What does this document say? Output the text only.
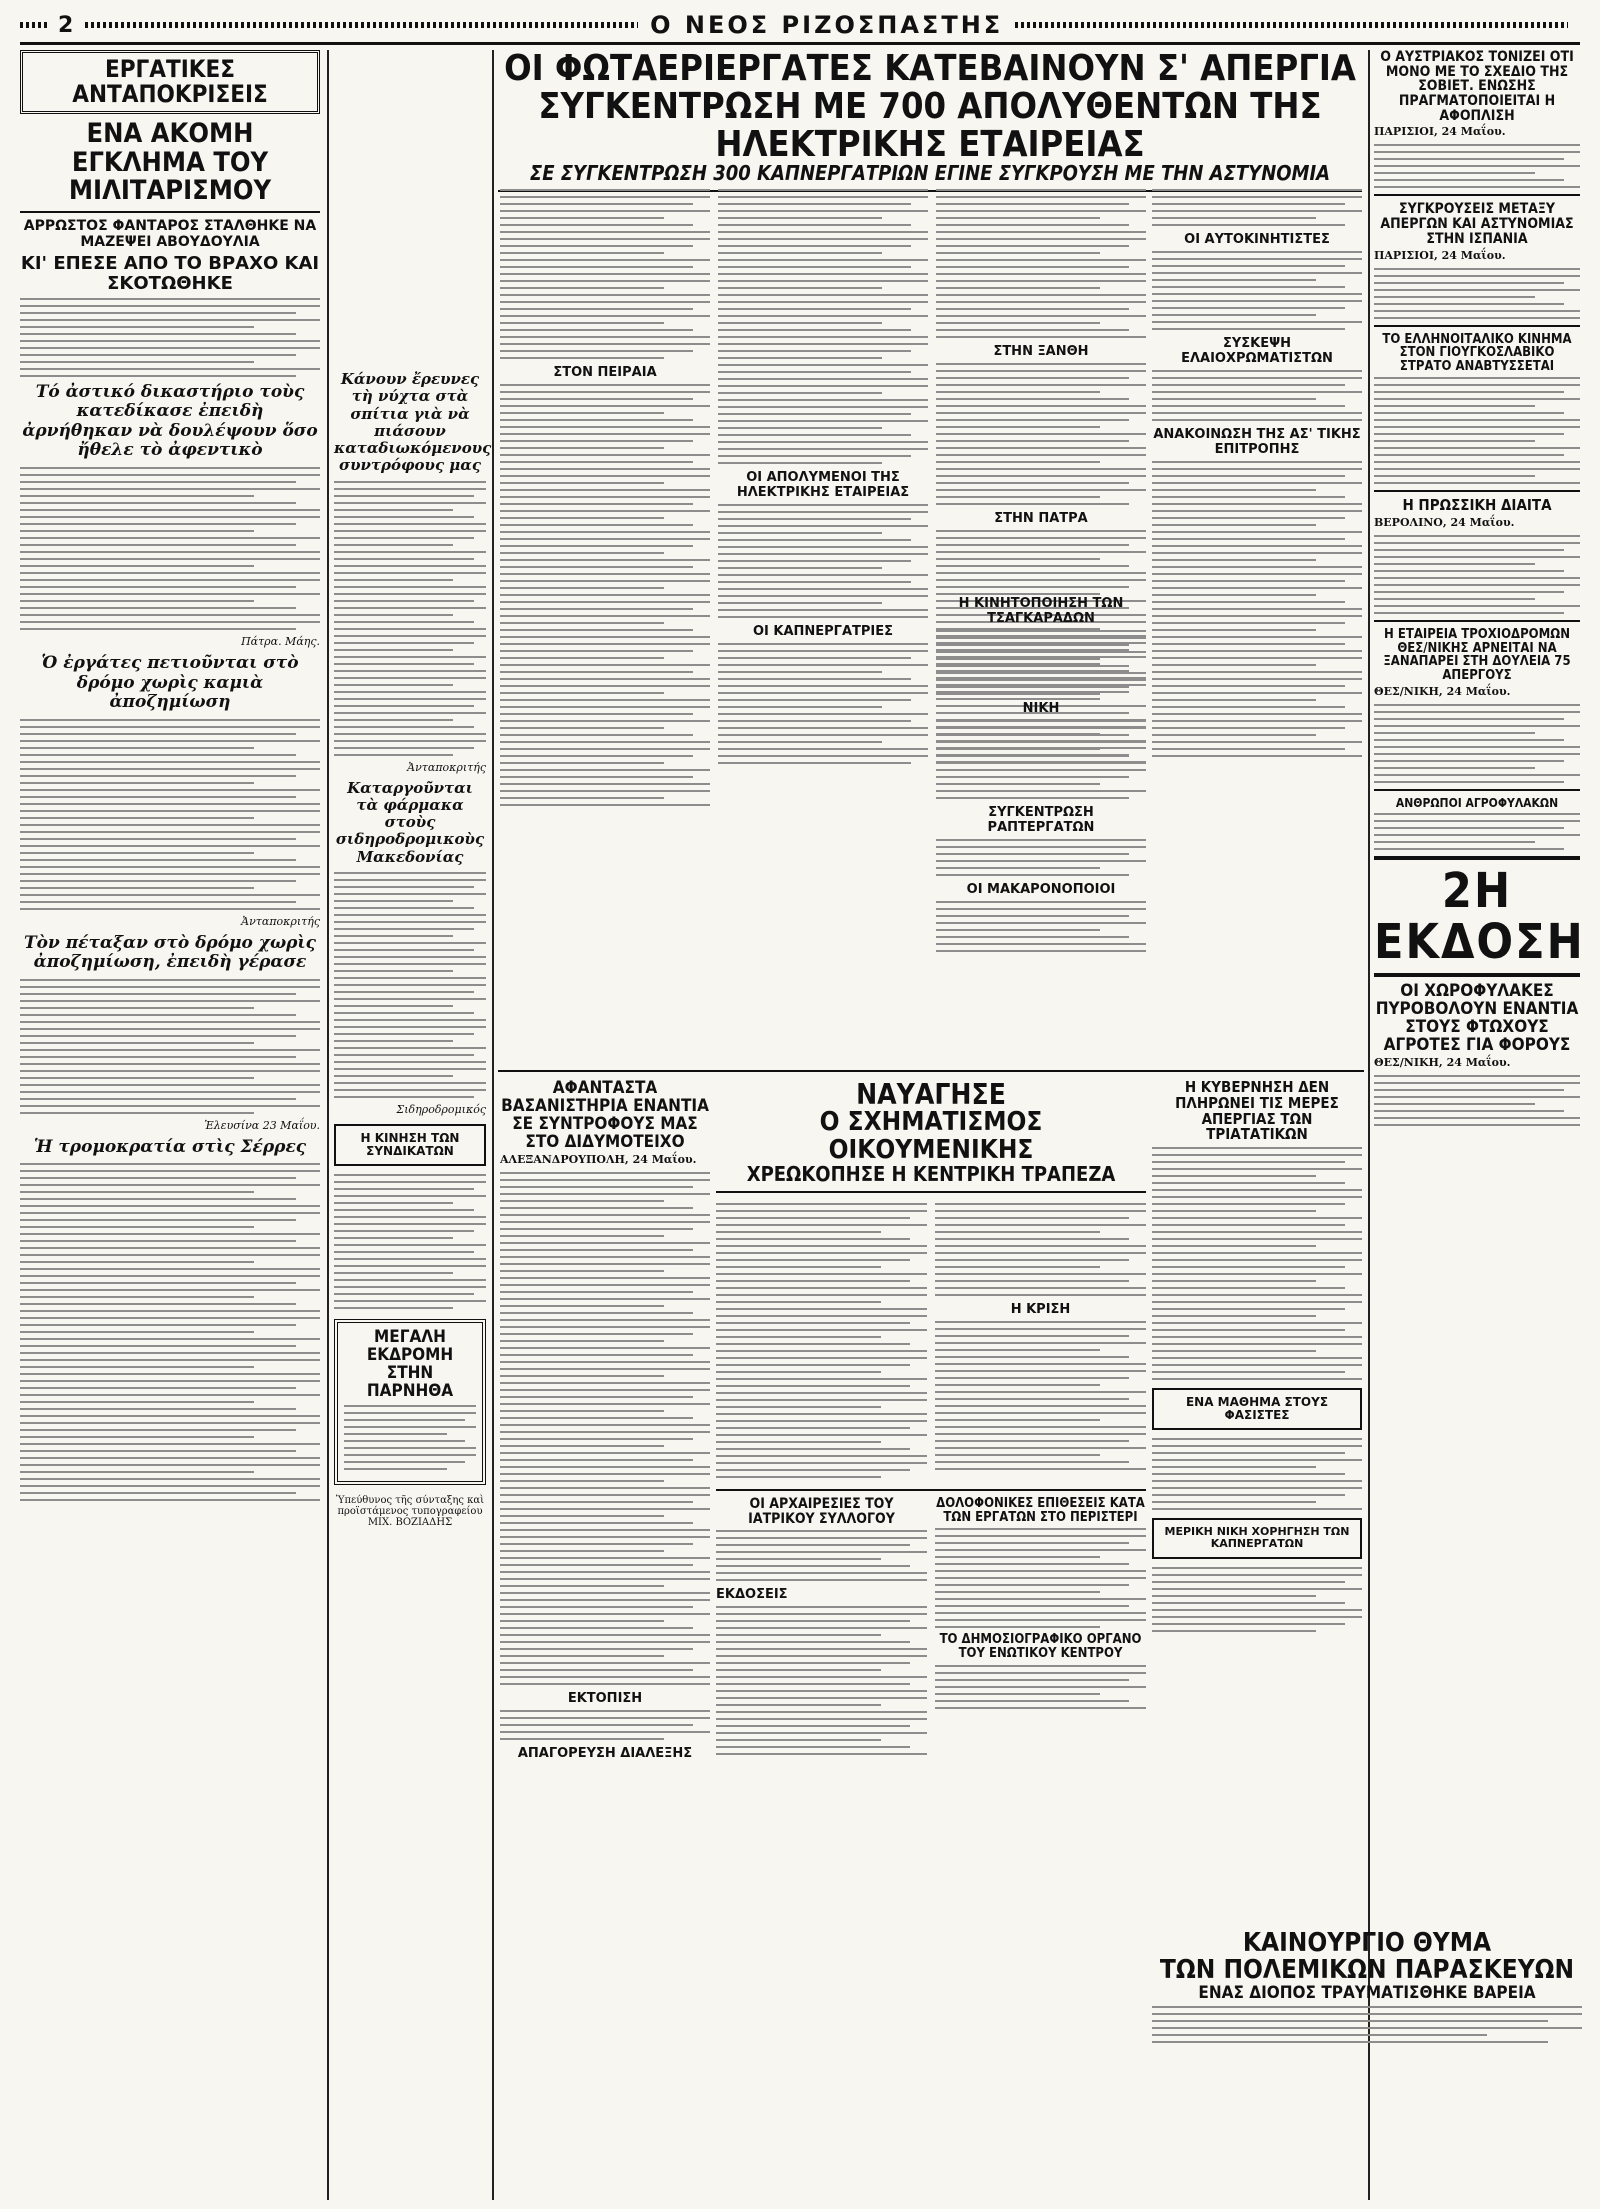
2	Ο ΝΕΟΣ ΡΙΖΟΣΠΑΣΤΗΣ
ΕΡΓΑΤΙΚΕΣ ΑΝΤΑΠΟΚΡΙΣΕΙΣ
ΕΝΑ ΑΚΟΜΗ ΕΓΚΛΗΜΑ ΤΟΥ ΜΙΛΙΤΑΡΙΣΜΟΥ
ΑΡΡΩΣΤΟΣ ΦΑΝΤΑΡΟΣ ΣΤΑΛΘΗΚΕ ΝΑ ΜΑΖΕΨΕΙ ΑΒΟΥΔΟΥΛΙΑ
ΚΙ' ΕΠΕΣΕ ΑΠΟ ΤΟ ΒΡΑΧΟ ΚΑΙ ΣΚΟΤΩΘΗΚΕ
Τό ἀστικό δικαστήριο τοὺς κατεδίκασε ἐπειδὴ ἀρνήθηκαν νὰ δουλέψουν ὅσο ἤθελε τὸ ἀφεντικὸ
Πάτρα. Μάης.
Ὁ ἐργάτες πετιοῦνται στὸ δρόμο χωρὶς καμιὰ ἀποζημίωση
Ἀνταποκριτής
Τὸν πέταξαν στὸ δρόμο χωρὶς ἀποζημίωση, ἐπειδὴ γέρασε
Ἐλευσίνα 23 Μαΐου.
Ἡ τρομοκρατία στὶς Σέρρες
Κάνουν ἔρευνες τὴ νύχτα στὰ σπίτια γιὰ νὰ πιάσουν καταδιωκόμενους συντρόφους μας
Ἀνταποκριτής
Καταργοῦνται τὰ φάρμακα στοὺς σιδηροδρομικοὺς Μακεδονίας
Σιδηροδρομικός
Η ΚΙΝΗΣΗ ΤΩΝ ΣΥΝΔΙΚΑΤΩΝ
ΜΕΓΑΛΗ ΕΚΔΡΟΜΗ ΣΤΗΝ ΠΑΡΝΗΘΑ
Ὑπεύθυνος τῆς σύνταξης καὶ προϊστάμενος τυπογραφείου ΜΙΧ. ΒΟΖΙΑΔΗΣ
ΟΙ ΦΩΤΑΕΡΙΕΡΓΑΤΕΣ ΚΑΤΕΒΑΙΝΟΥΝ Σ' ΑΠΕΡΓΙΑ
ΣΥΓΚΕΝΤΡΩΣΗ ΜΕ 700 ΑΠΟΛΥΘΕΝΤΩΝ ΤΗΣ ΗΛΕΚΤΡΙΚΗΣ ΕΤΑΙΡΕΙΑΣ
ΣΕ ΣΥΓΚΕΝΤΡΩΣΗ 300 ΚΑΠΝΕΡΓΑΤΡΙΩΝ ΕΓΙΝΕ ΣΥΓΚΡΟΥΣΗ ΜΕ ΤΗΝ ΑΣΤΥΝΟΜΙΑ
ΣΤΟΝ ΠΕΙΡΑΙΑ
ΟΙ ΑΠΟΛΥΜΕΝΟΙ ΤΗΣ ΗΛΕΚΤΡΙΚΗΣ ΕΤΑΙΡΕΙΑΣ
ΟΙ ΚΑΠΝΕΡΓΑΤΡΙΕΣ
ΣΤΗΝ ΞΑΝΘΗ
ΣΤΗΝ ΠΑΤΡΑ
ΟΙ ΑΥΤΟΚΙΝΗΤΙΣΤΕΣ
ΣΥΣΚΕΨΗ ΕΛΑΙΟΧΡΩΜΑΤΙΣΤΩΝ
ΑΝΑΚΟΙΝΩΣΗ ΤΗΣ ΑΣ' ΤΙΚΗΣ ΕΠΙΤΡΟΠΗΣ
Η ΚΙΝΗΤΟΠΟΙΗΣΗ ΤΩΝ ΤΣΑΓΚΑΡΑΔΩΝ
ΝΙΚΗ
ΣΥΓΚΕΝΤΡΩΣΗ ΡΑΠΤΕΡΓΑΤΩΝ
ΟΙ ΜΑΚΑΡΟΝΟΠΟΙΟΙ
ΑΦΑΝΤΑΣΤΑ ΒΑΣΑΝΙΣΤΗΡΙΑ ΕΝΑΝΤΙΑ ΣΕ ΣΥΝΤΡΟΦΟΥΣ ΜΑΣ ΣΤΟ ΔΙΔΥΜΟΤΕΙΧΟ
ΑΛΕΞΑΝΔΡΟΥΠΟΛΗ, 24 Μαΐου.
ΕΚΤΟΠΙΣΗ
ΑΠΑΓΟΡΕΥΣΗ ΔΙΑΛΕΞΗΣ
ΝΑΥΑΓΗΣΕ
Ο ΣΧΗΜΑΤΙΣΜΟΣ ΟΙΚΟΥΜΕΝΙΚΗΣ
ΧΡΕΩΚΟΠΗΣΕ Η ΚΕΝΤΡΙΚΗ ΤΡΑΠΕΖΑ
Η ΚΡΙΣΗ
ΟΙ ΑΡΧΑΙΡΕΣΙΕΣ ΤΟΥ ΙΑΤΡΙΚΟΥ ΣΥΛΛΟΓΟΥ
ΕΚΔΟΣΕΙΣ
ΔΟΛΟΦΟΝΙΚΕΣ ΕΠΙΘΕΣΕΙΣ ΚΑΤΑ ΤΩΝ ΕΡΓΑΤΩΝ ΣΤΟ ΠΕΡΙΣΤΕΡΙ
ΤΟ ΔΗΜΟΣΙΟΓΡΑΦΙΚΟ ΟΡΓΑΝΟ ΤΟΥ ΕΝΩΤΙΚΟΥ ΚΕΝΤΡΟΥ
Η ΚΥΒΕΡΝΗΣΗ ΔΕΝ ΠΛΗΡΩΝΕΙ ΤΙΣ ΜΕΡΕΣ ΑΠΕΡΓΙΑΣ ΤΩΝ ΤΡΙΑΤΑΤΙΚΩΝ
ΕΝΑ ΜΑΘΗΜΑ ΣΤΟΥΣ ΦΑΣΙΣΤΕΣ
ΜΕΡΙΚΗ ΝΙΚΗ ΧΟΡΗΓΗΣΗ ΤΩΝ ΚΑΠΝΕΡΓΑΤΩΝ
ΚΑΙΝΟΥΡΓΙΟ ΘΥΜΑ
ΤΩΝ ΠΟΛΕΜΙΚΩΝ ΠΑΡΑΣΚΕΥΩΝ
ΕΝΑΣ ΔΙΟΠΟΣ ΤΡΑΥΜΑΤΙΣΘΗΚΕ ΒΑΡΕΙΑ
Ο ΑΥΣΤΡΙΑΚΟΣ ΤΟΝΙΖΕΙ ΟΤΙ ΜΟΝΟ ΜΕ ΤΟ ΣΧΕΔΙΟ ΤΗΣ ΣΟΒΙΕΤ. ΕΝΩΣΗΣ ΠΡΑΓΜΑΤΟΠΟΙΕΙΤΑΙ Η ΑΦΟΠΛΙΣΗ
ΠΑΡΙΣΙΟΙ, 24 Μαΐου.
ΣΥΓΚΡΟΥΣΕΙΣ ΜΕΤΑΞΥ ΑΠΕΡΓΩΝ ΚΑΙ ΑΣΤΥΝΟΜΙΑΣ ΣΤΗΝ ΙΣΠΑΝΙΑ
ΠΑΡΙΣΙΟΙ, 24 Μαΐου.
ΤΟ ΕΛΛΗΝΟΙΤΑΛΙΚΟ ΚΙΝΗΜΑ ΣΤΟΝ ΓΙΟΥΓΚΟΣΛΑΒΙΚΟ ΣΤΡΑΤΟ ΑΝΑΒΤΥΣΣΕΤΑΙ
Η ΠΡΩΣΣΙΚΗ ΔΙΑΙΤΑ
ΒΕΡΟΛΙΝΟ, 24 Μαΐου.
Η ΕΤΑΙΡΕΙΑ ΤΡΟΧΙΟΔΡΟΜΩΝ ΘΕΣ/ΝΙΚΗΣ ΑΡΝΕΙΤΑΙ ΝΑ ΞΑΝΑΠΑΡΕΙ ΣΤΗ ΔΟΥΛΕΙΑ 75 ΑΠΕΡΓΟΥΣ
ΘΕΣ/ΝΙΚΗ, 24 Μαΐου.
ΑΝΘΡΩΠΟΙ ΑΓΡΟΦΥΛΑΚΩΝ
2Η ΕΚΔΟΣΗ
ΟΙ ΧΩΡΟΦΥΛΑΚΕΣ ΠΥΡΟΒΟΛΟΥΝ ΕΝΑΝΤΙΑ ΣΤΟΥΣ ΦΤΩΧΟΥΣ ΑΓΡΟΤΕΣ ΓΙΑ ΦΟΡΟΥΣ
ΘΕΣ/ΝΙΚΗ, 24 Μαΐου.
